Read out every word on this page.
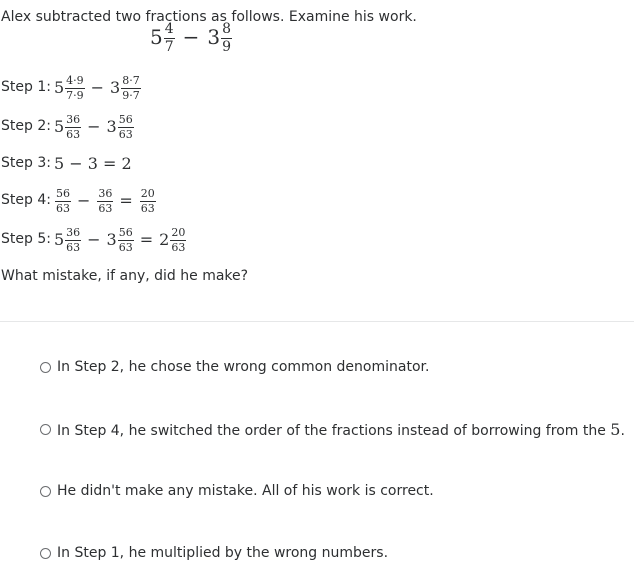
Alex subtracted two fractions as follows. Examine his work.
$5 \frac{4}{7} - 3 \frac{8}{9}$
Step 1: $5 \frac{4\cdot 9}{7\cdot 9} - 3 \frac{8\cdot 7}{9\cdot 7}$
Step 2: $5 \frac{36}{63} - 3 \frac{56}{63}$
Step 3: 5 − 3 = 2
Step 4: $\frac{56}{63} - \frac{36}{63} = \frac{20}{63}$
Step 5: $5 \frac{36}{63} - 3 \frac{56}{63} = 2 \frac{20}{63}$
What mistake, if any, did he make?
In Step 2, he chose the wrong common denominator.
In Step 4, he switched the order of the fractions instead of borrowing from the 5.
He didn't make any mistake. All of his work is correct.
In Step 1, he multiplied by the wrong numbers.
